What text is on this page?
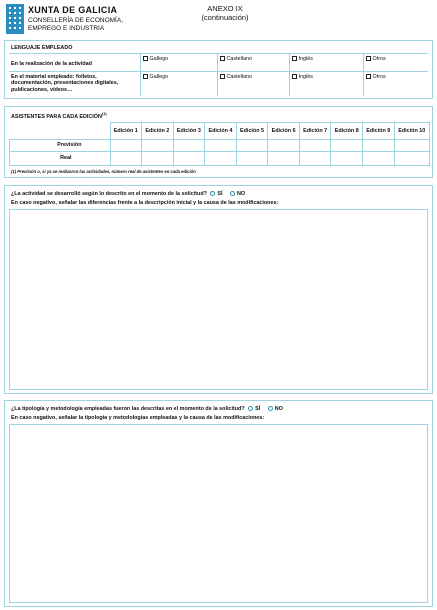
XUNTA DE GALICIA
CONSELLERÍA DE ECONOMÍA,
EMPREGO E INDUSTRIA
ANEXO IX
(continuación)
LENGUAJE EMPLEADO
En la realización de la actividad
Gallego	Castellano	Inglés	Otros
En el material empleado: folletos, documentación, presentaciones digitales, publicaciones, vídeos…
Gallego	Castellano	Inglés	Otros
ASISTENTES PARA CADA EDICIÓN$^{(1)}$
	Edición 1	Edición 2	Edición 3	Edición 4	Edición 5	Edición 6	Edición 7	Edición 8	Edición 9	Edición 10
Previsión										
Real										
(1) Previsión o, si ya se realizaron las actividades, número real de asistentes en cada edición
¿La actividad se desarrolló según lo descrito en el momento de la solicitud? SÍ	NO
En caso negativo, señalar las diferencias frente a la descripción inicial y la causa de las modificaciones:
¿La tipología y metodología empleadas fueron las descritas en el momento de la solicitud? SÍ	NO
En caso negativo, señalar la tipología y metodologías empleadas y la causa de las modificaciones:
